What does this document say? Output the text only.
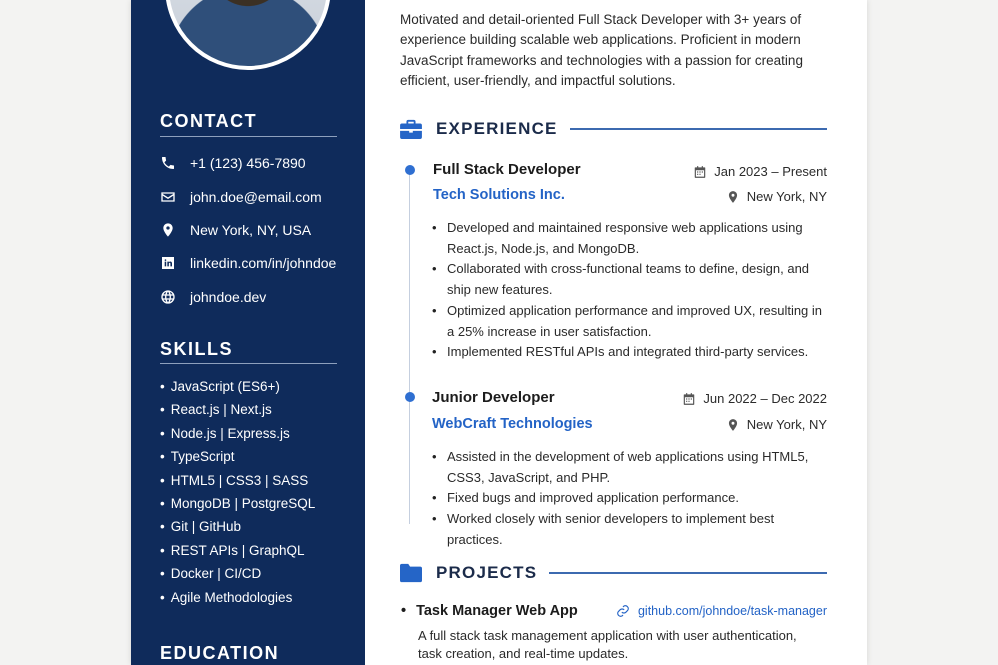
CONTACT
+1 (123) 456-7890
john.doe@email.com
New York, NY, USA
linkedin.com/in/johndoe
johndoe.dev
SKILLS
• JavaScript (ES6+)
• React.js | Next.js
• Node.js | Express.js
• TypeScript
• HTML5 | CSS3 | SASS
• MongoDB | PostgreSQL
• Git | GitHub
• REST APIs | GraphQL
• Docker | CI/CD
• Agile Methodologies
EDUCATION
Motivated and detail-oriented Full Stack Developer with 3+ years of experience building scalable web applications. Proficient in modern JavaScript frameworks and technologies with a passion for creating efficient, user-friendly, and impactful solutions.
EXPERIENCE
Full Stack Developer	Jan 2023 – Present
Tech Solutions Inc.	New York, NY
• Developed and maintained responsive web applications using React.js, Node.js, and MongoDB.
• Collaborated with cross-functional teams to define, design, and ship new features.
• Optimized application performance and improved UX, resulting in a 25% increase in user satisfaction.
• Implemented RESTful APIs and integrated third-party services.
Junior Developer	Jun 2022 – Dec 2022
WebCraft Technologies	New York, NY
• Assisted in the development of web applications using HTML5, CSS3, JavaScript, and PHP.
• Fixed bugs and improved application performance.
• Worked closely with senior developers to implement best practices.
PROJECTS
• Task Manager Web App	github.com/johndoe/task-manager
A full stack task management application with user authentication, task creation, and real-time updates.
